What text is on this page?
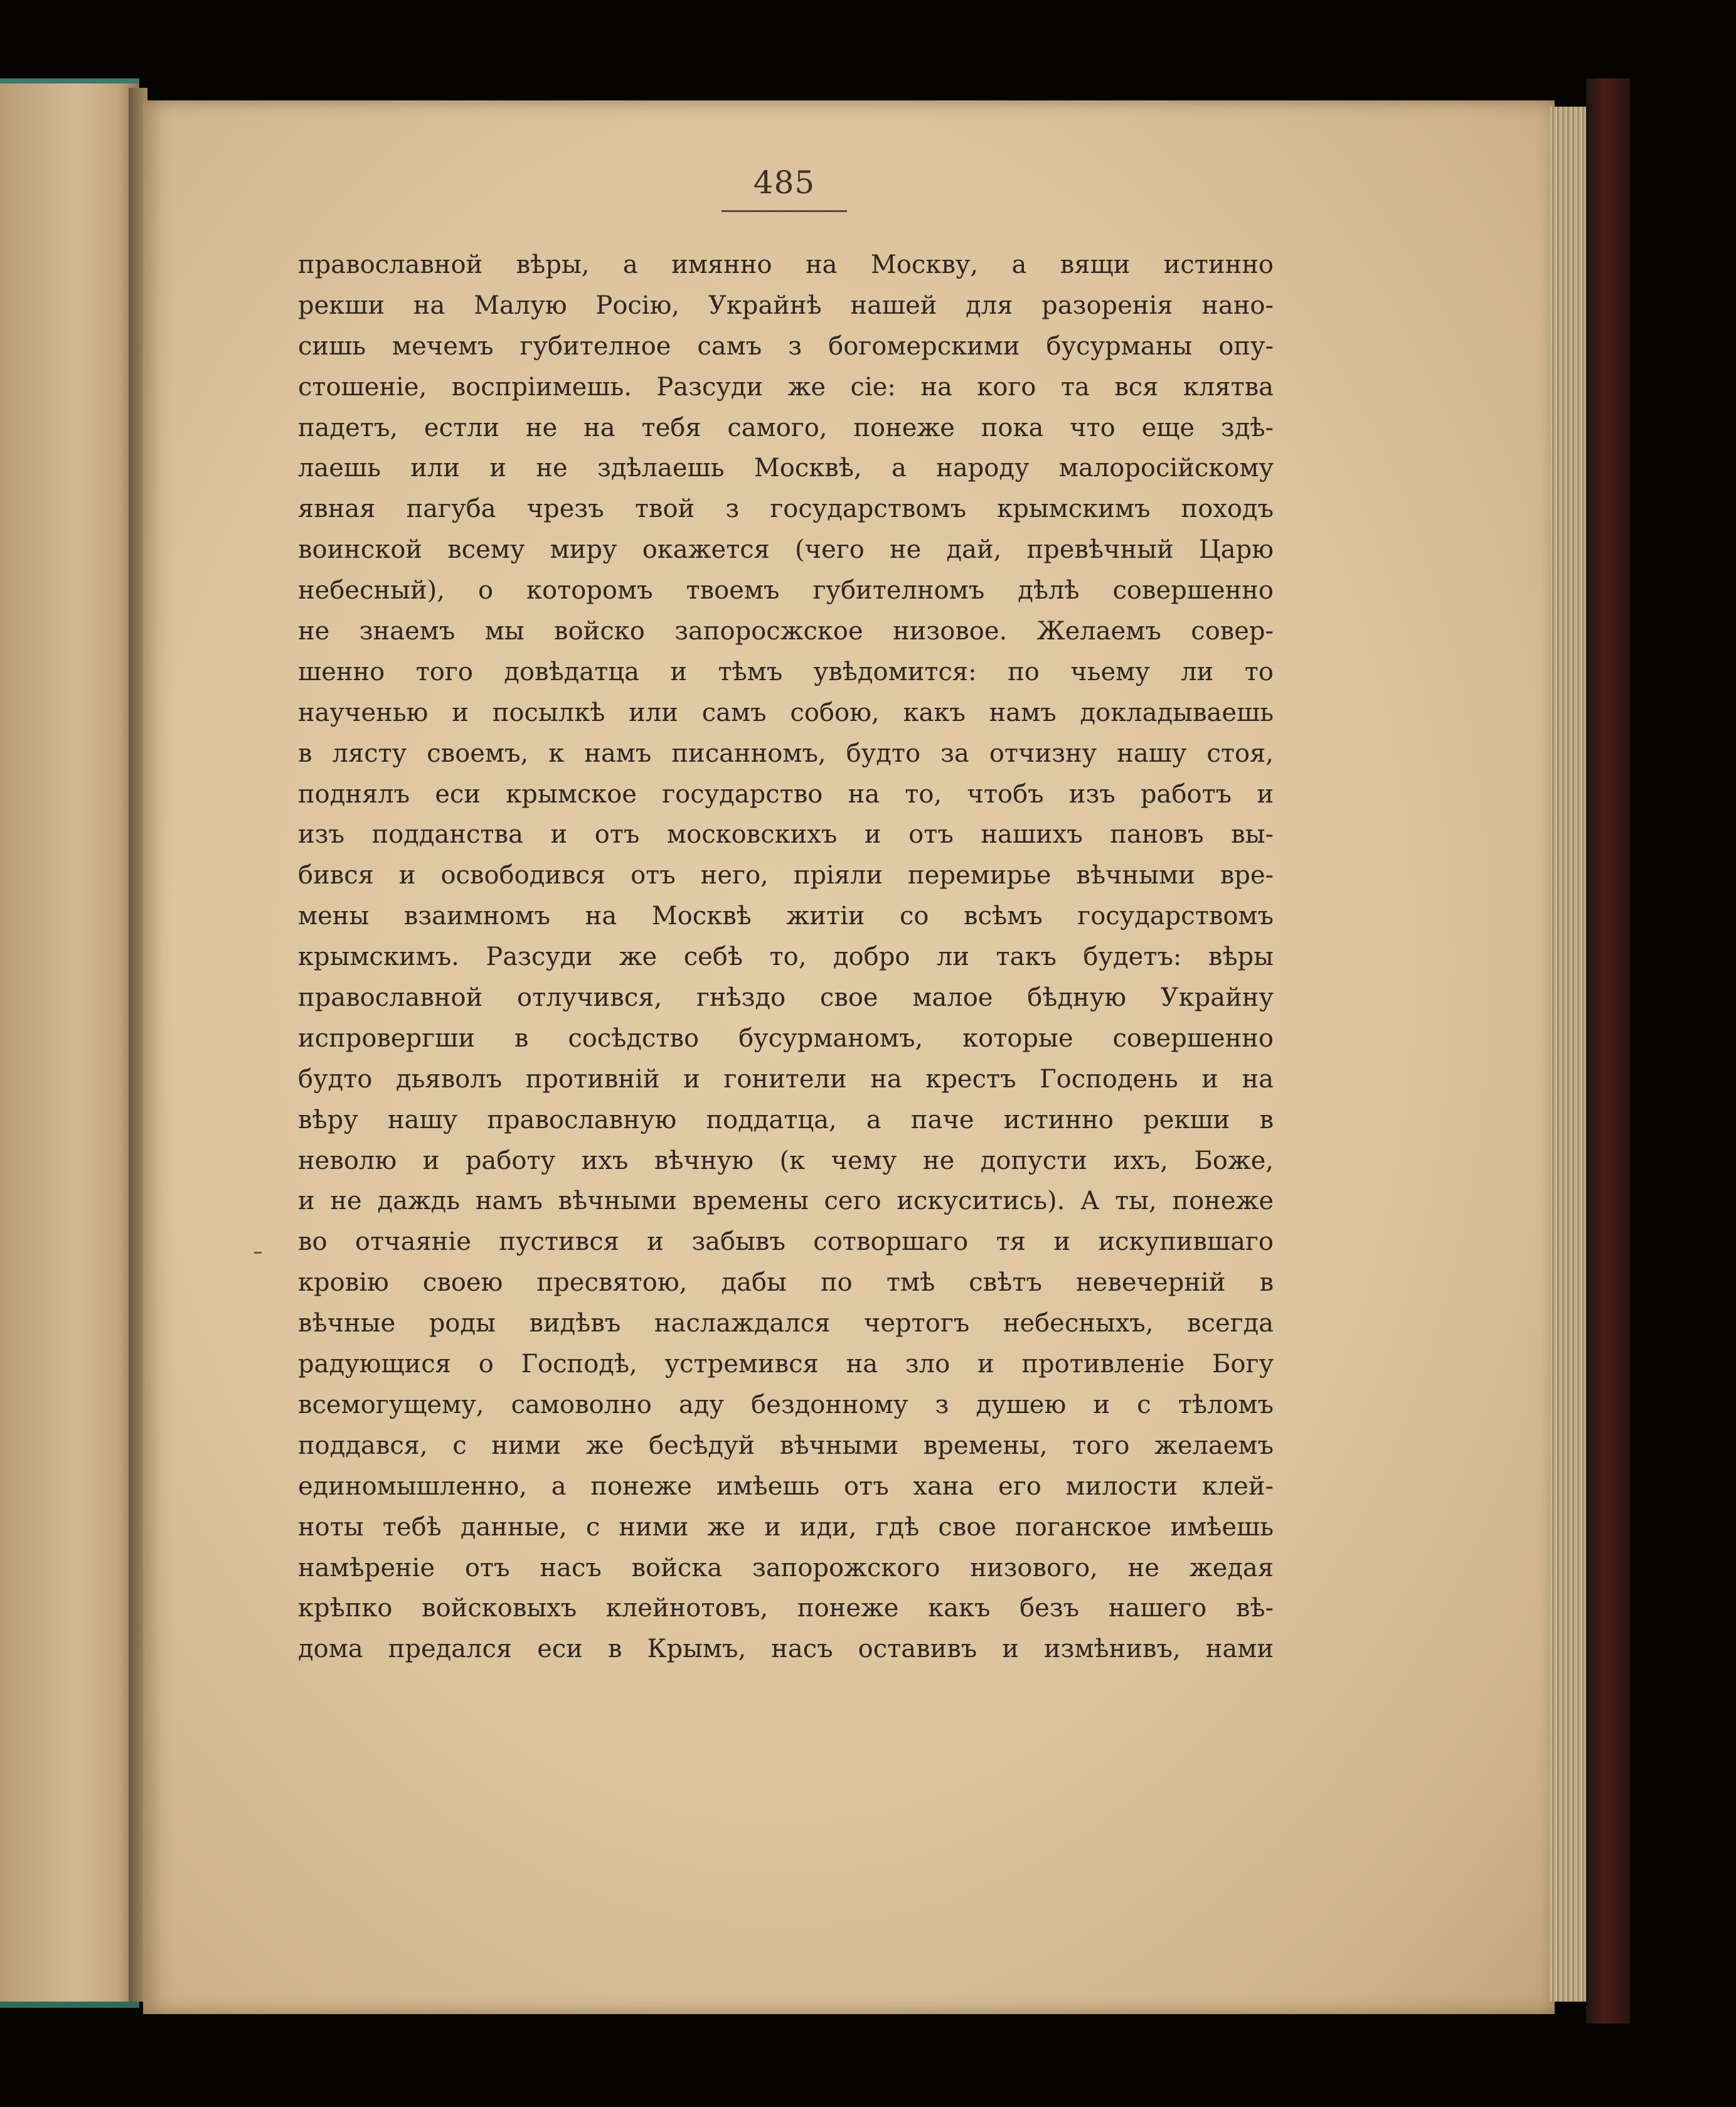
485
православной вѣры, а имянно на Москву, а вящи истинно
рекши на Малую Росію, Украйнѣ нашей для разоренія нано-
сишь мечемъ губителное самъ з богомерскими бусурманы опу-
стошеніе, воспріимешь. Разсуди же сіе: на кого та вся клятва
падетъ, естли не на тебя самого, понеже пока что еще здѣ-
лаешь или и не здѣлаешь Москвѣ, а народу малоросійскому
явная пагуба чрезъ твой з государствомъ крымскимъ походъ
воинской всему миру окажется (чего не дай, превѣчный Царю
небесный), о которомъ твоемъ губителномъ дѣлѣ совершенно
не знаемъ мы войско запоросжское низовое. Желаемъ совер-
шенно того довѣдатца и тѣмъ увѣдомится: по чьему ли то
наученью и посылкѣ или самъ собою, какъ намъ докладываешь
в лясту своемъ, к намъ писанномъ, будто за отчизну нашу стоя,
поднялъ еси крымское государство на то, чтобъ изъ работъ и
изъ подданства и отъ московскихъ и отъ нашихъ пановъ вы-
бився и освободився отъ него, пріяли перемирье вѣчными вре-
мены взаимномъ на Москвѣ житіи со всѣмъ государствомъ
крымскимъ. Разсуди же себѣ то, добро ли такъ будетъ: вѣры
православной отлучився, гнѣздо свое малое бѣдную Украйну
испровергши в сосѣдство бусурманомъ, которые совершенно
будто дьяволъ противній и гонители на крестъ Господень и на
вѣру нашу православную поддатца, а паче истинно рекши в
неволю и работу ихъ вѣчную (к чему не допусти ихъ, Боже,
и не даждь намъ вѣчными времены сего искуситись). А ты, понеже
во отчаяніе пустився и забывъ сотворшаго тя и искупившаго
кровію своею пресвятою, дабы по тмѣ свѣтъ невечерній в
вѣчные роды видѣвъ наслаждался чертогъ небесныхъ, всегда
радующися о Господѣ, устремився на зло и противленіе Богу
всемогущему, самоволно аду бездонному з душею и с тѣломъ
поддався, с ними же бесѣдуй вѣчными времены, того желаемъ
единомышленно, а понеже имѣешь отъ хана его милости клей-
ноты тебѣ данные, с ними же и иди, гдѣ свое поганское имѣешь
намѣреніе отъ насъ войска запорожского низового, не жедая
крѣпко войсковыхъ клейнотовъ, понеже какъ безъ нашего вѣ-
дома предался еси в Крымъ, насъ оставивъ и измѣнивъ, нами
